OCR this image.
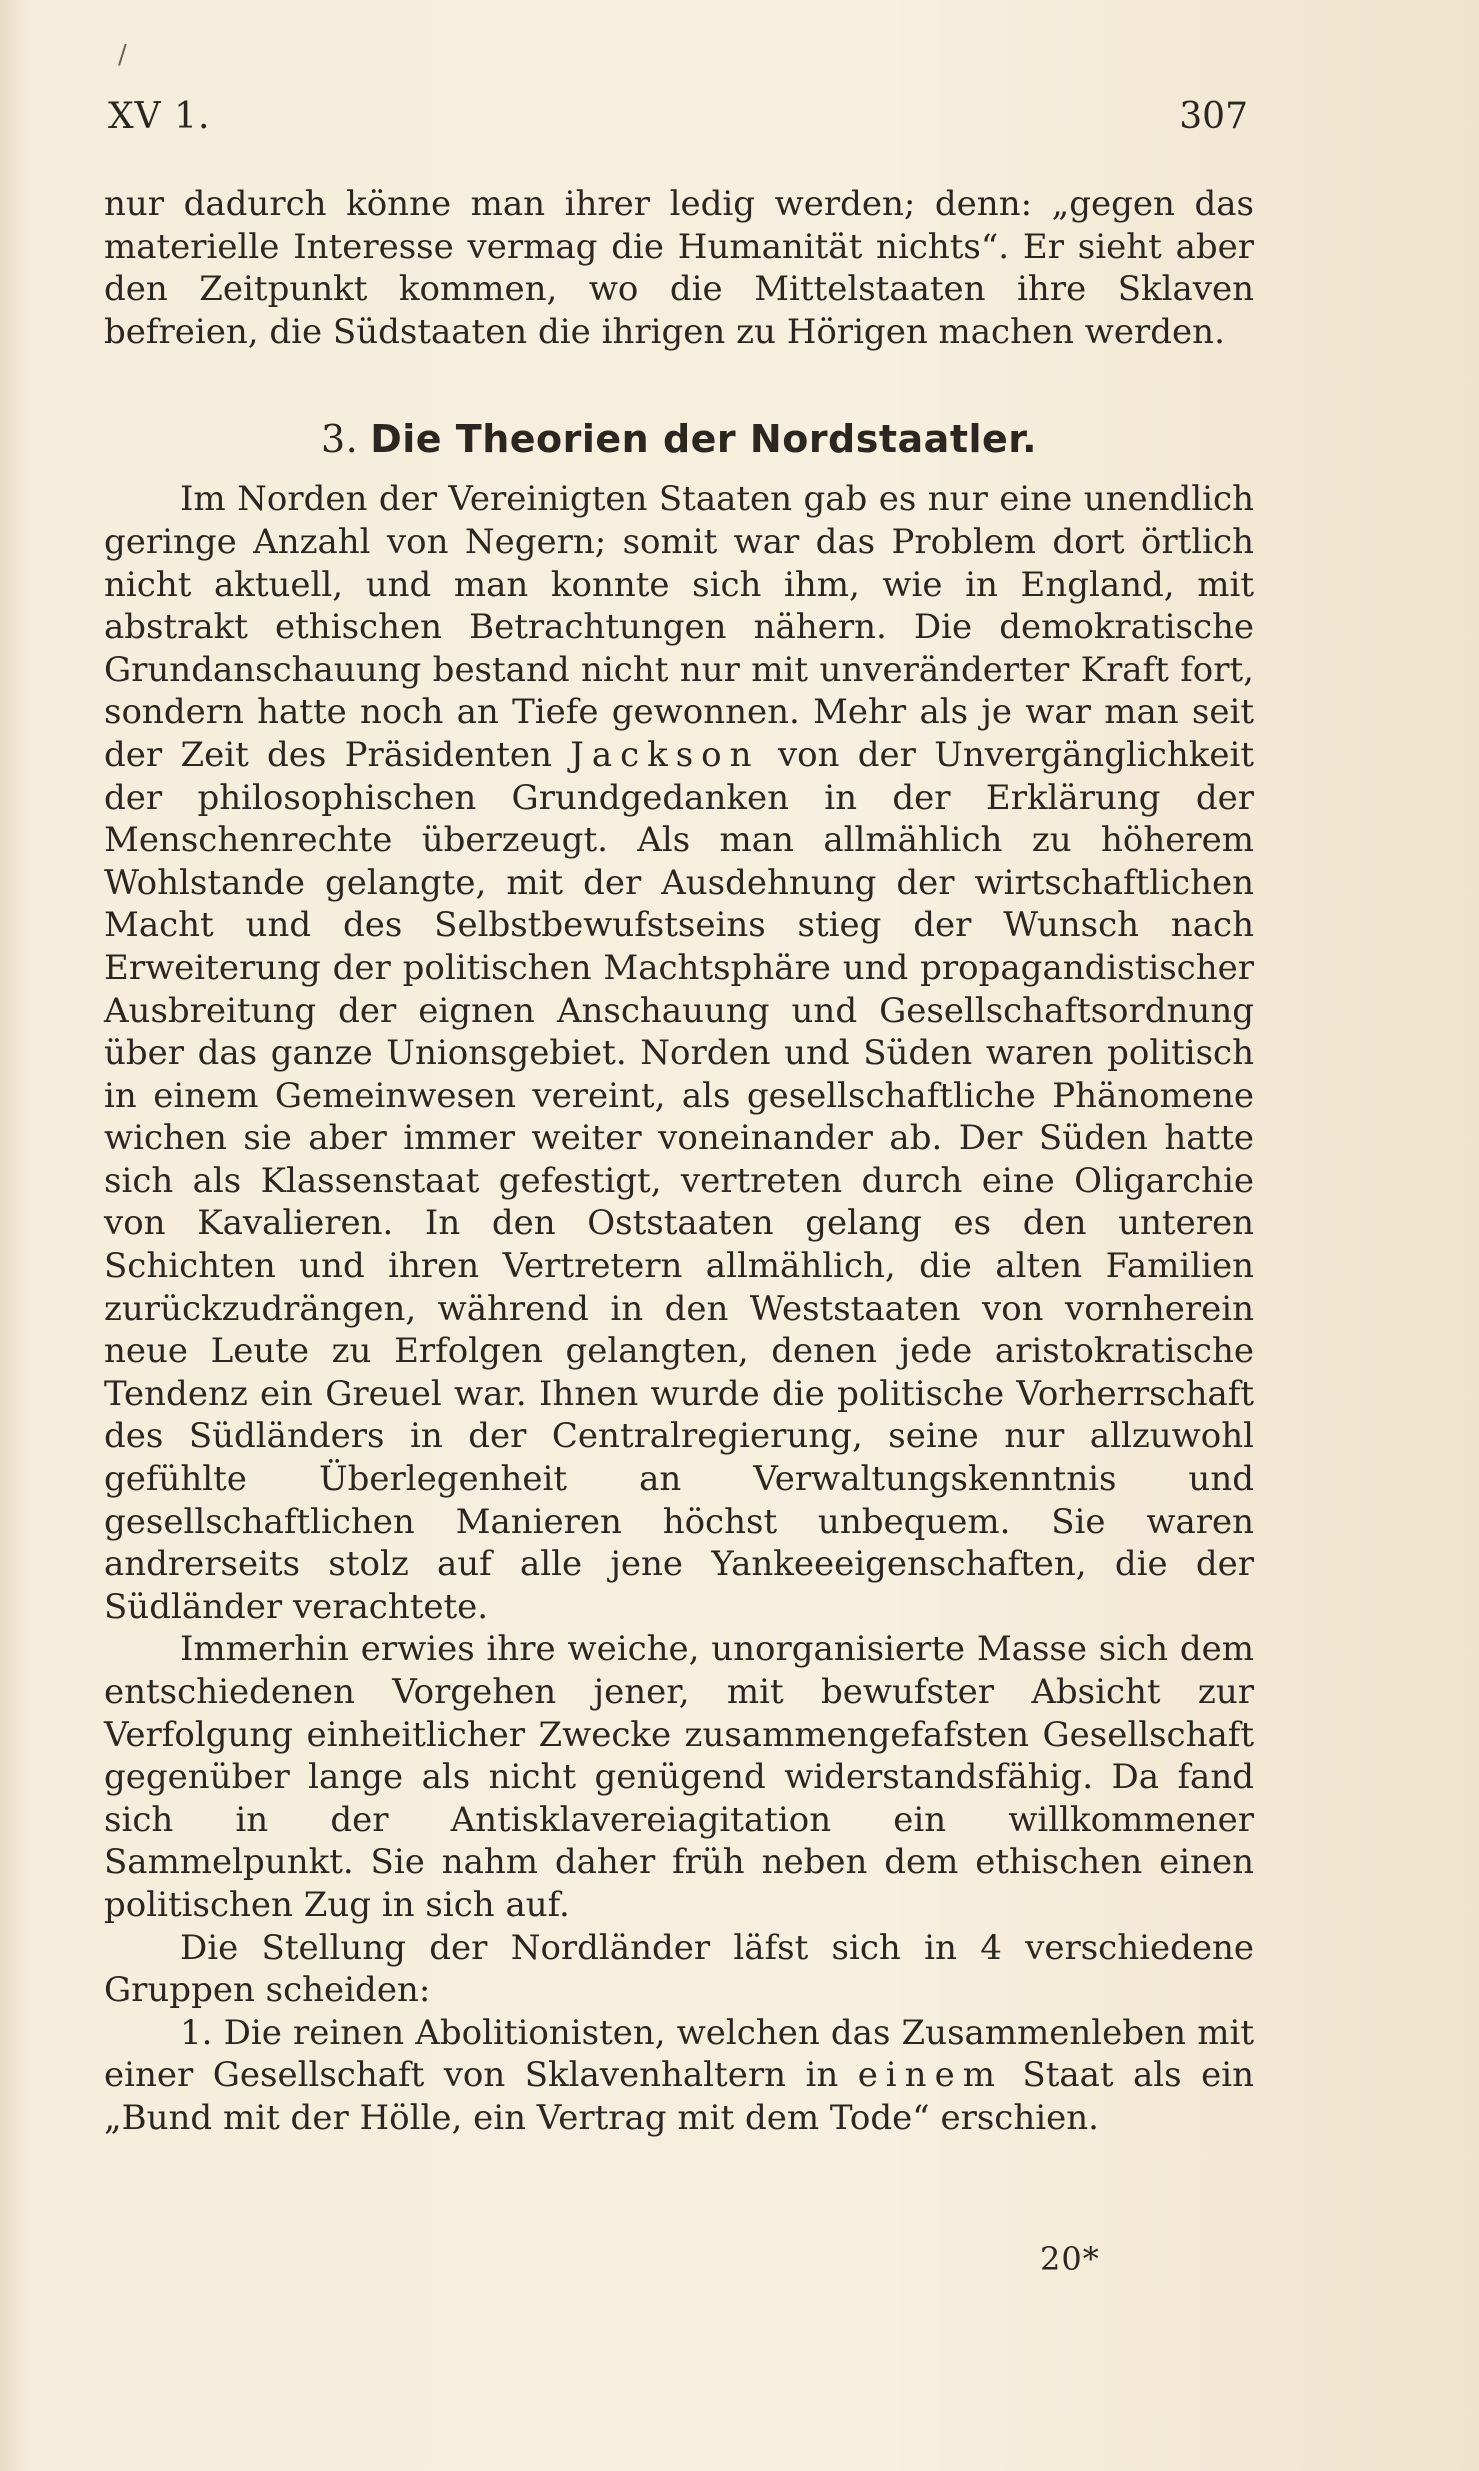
/
XV 1.	307

nur dadurch könne man ihrer ledig werden; denn: „gegen das materielle Interesse vermag die Humanität nichts“. Er sieht aber den Zeitpunkt kommen, wo die Mittelstaaten ihre Sklaven befreien, die Südstaaten die ihrigen zu Hörigen machen werden.

3. Die Theorien der Nordstaatler.

Im Norden der Vereinigten Staaten gab es nur eine unendlich geringe Anzahl von Negern; somit war das Problem dort örtlich nicht aktuell, und man konnte sich ihm, wie in England, mit abstrakt ethischen Betrachtungen nähern. Die demokratische Grundanschauung bestand nicht nur mit unveränderter Kraft fort, sondern hatte noch an Tiefe gewonnen. Mehr als je war man seit der Zeit des Präsidenten Jackson von der Unvergänglichkeit der philosophischen Grundgedanken in der Erklärung der Menschenrechte überzeugt. Als man allmählich zu höherem Wohlstande gelangte, mit der Ausdehnung der wirtschaftlichen Macht und des Selbstbewufstseins stieg der Wunsch nach Erweiterung der politischen Machtsphäre und propagandistischer Ausbreitung der eignen Anschauung und Gesellschaftsordnung über das ganze Unionsgebiet. Norden und Süden waren politisch in einem Gemeinwesen vereint, als gesellschaftliche Phänomene wichen sie aber immer weiter voneinander ab. Der Süden hatte sich als Klassenstaat gefestigt, vertreten durch eine Oligarchie von Kavalieren. In den Oststaaten gelang es den unteren Schichten und ihren Vertretern allmählich, die alten Familien zurückzudrängen, während in den Weststaaten von vornherein neue Leute zu Erfolgen gelangten, denen jede aristokratische Tendenz ein Greuel war. Ihnen wurde die politische Vorherrschaft des Südländers in der Centralregierung, seine nur allzuwohl gefühlte Überlegenheit an Verwaltungskenntnis und gesellschaftlichen Manieren höchst unbequem. Sie waren andrerseits stolz auf alle jene Yankeeeigenschaften, die der Südländer verachtete.

Immerhin erwies ihre weiche, unorganisierte Masse sich dem entschiedenen Vorgehen jener, mit bewufster Absicht zur Verfolgung einheitlicher Zwecke zusammengefafsten Gesellschaft gegenüber lange als nicht genügend widerstandsfähig. Da fand sich in der Antisklavereiagitation ein willkommener Sammelpunkt. Sie nahm daher früh neben dem ethischen einen politischen Zug in sich auf.

Die Stellung der Nordländer läfst sich in 4 verschiedene Gruppen scheiden:

1. Die reinen Abolitionisten, welchen das Zusammenleben mit einer Gesellschaft von Sklavenhaltern in einem Staat als ein „Bund mit der Hölle, ein Vertrag mit dem Tode“ erschien.

20*
